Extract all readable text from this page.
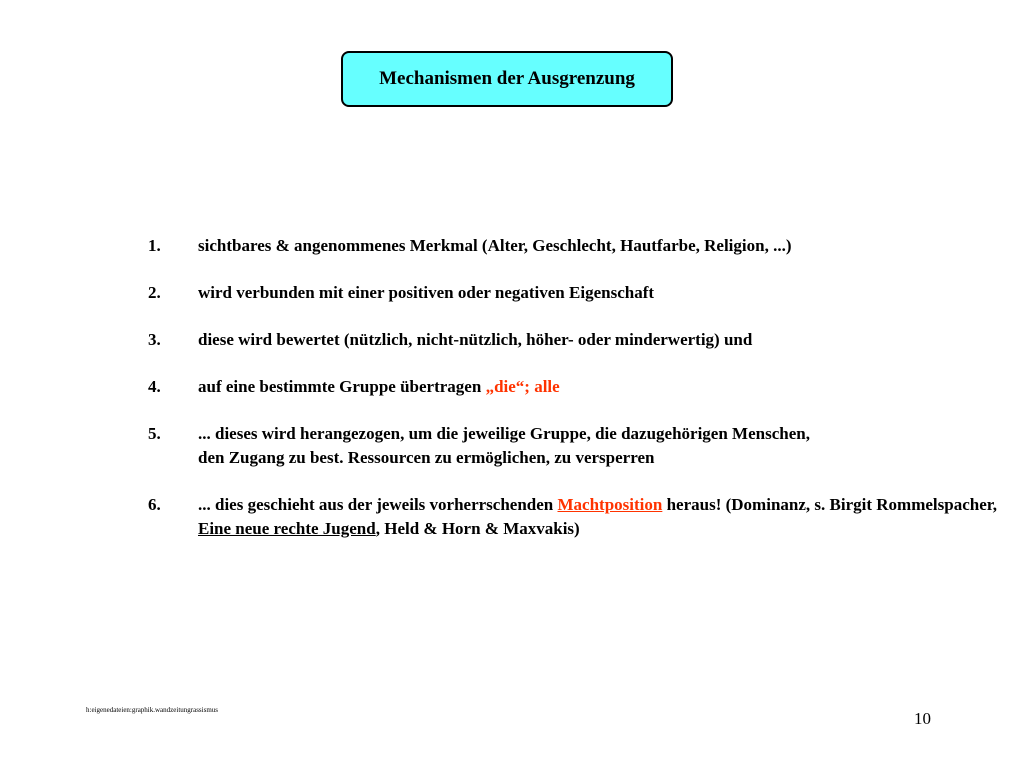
Mechanismen der Ausgrenzung
1. sichtbares & angenommenes Merkmal (Alter, Geschlecht, Hautfarbe, Religion, ...)
2. wird verbunden mit einer positiven oder negativen Eigenschaft
3. diese wird bewertet (nützlich, nicht-nützlich, höher- oder minderwertig) und
4. auf eine bestimmte Gruppe übertragen „die“; alle
5. ... dieses wird herangezogen, um die jeweilige Gruppe, die dazugehörigen Menschen,
den Zugang zu best. Ressourcen zu ermöglichen, zu versperren
6. ... dies geschieht aus der jeweils vorherrschenden Machtposition heraus! (Dominanz, s. Birgit Rommelspacher, Eine neue rechte Jugend, Held & Horn & Maxvakis)
h:eigenedateien:graphik.wandzeitungrassismus	10
